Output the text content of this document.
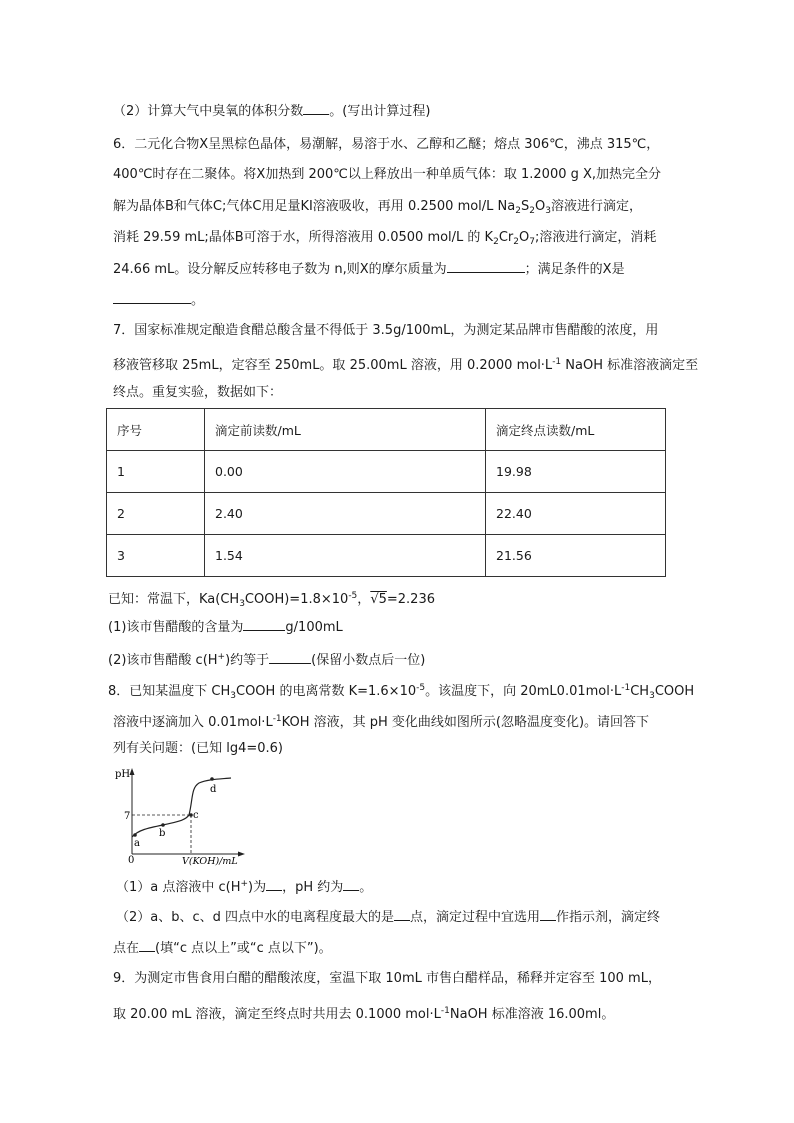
（2）计算大气中臭氧的体积分数 。(写出计算过程)
6．二元化合物X呈黑棕色晶体，易潮解，易溶于水、乙醇和乙醚；熔点 306℃，沸点 315℃，
400℃时存在二聚体。将X加热到 200℃以上释放出一种单质气体：取 1.2000 g X,加热完全分
解为晶体B和气体C;气体C用足量KI溶液吸收，再用 0.2500 mol/L $Na_2S_2O_3$溶液进行滴定，
消耗 29.59 mL;晶体B可溶于水，所得溶液用 0.0500 mol/L 的 $K_2Cr_2O_7$;溶液进行滴定，消耗
24.66 mL。设分解反应转移电子数为 n,则X的摩尔质量为	；满足条件的X是
。
7．国家标准规定酿造食醋总酸含量不得低于 3.5g/100mL，为测定某品牌市售醋酸的浓度，用
移液管移取 25mL，定容至 250mL。取 25.00mL 溶液，用 0.2000 $mol\cdot L^{-1}$ NaOH 标准溶液滴定至
终点。重复实验，数据如下：
序号	滴定前读数/mL	滴定终点读数/mL
1	0.00	19.98
2	2.40	22.40
3	1.54	21.56
已知：常温下，$Ka(CH_3COOH)=1.8\times 10^{-5}$，√5=2.236
(1)该市售醋酸的含量为	g/100mL
(2)该市售醋酸 c(H+)约等于	(保留小数点后一位)
8．已知某温度下 $CH_3COOH$ 的电离常数 $K=1.6\times 10^{-5}$。该温度下，向 $20mL0.01mol\cdot L^{-1}CH_3COOH$
溶液中逐滴加入 $0.01mol\cdot L^{-1}KOH$ 溶液，其 pH 变化曲线如图所示(忽略温度变化)。请回答下
列有关问题：(已知 lg4=0.6)
pH
7
0	V(KOH)/mL
a
b
c
d
（1）a 点溶液中 c(H+)为 ，pH 约为 。
（2）a、b、c、d 四点中水的电离程度最大的是 点，滴定过程中宜选用 作指示剂，滴定终
点在 (填“c 点以上”或“c 点以下”)。
9．为测定市售食用白醋的醋酸浓度，室温下取 10mL 市售白醋样品，稀释并定容至 100 mL，
取 20.00 mL 溶液，滴定至终点时共用去 0.1000 $mol\cdot L^{-1}NaOH$ 标准溶液 16.00ml。
